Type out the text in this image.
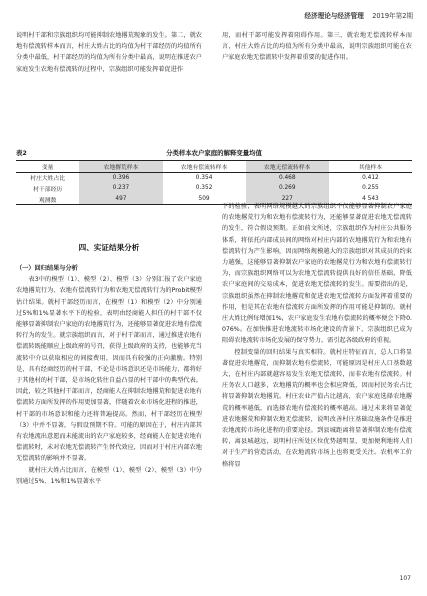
经济理论与经济管理 2019年第2期

说明村干部和宗族组织均可能抑制农地撂荒现象的发生。第二，就农地有偿流转样本而言，村庄大姓占比的均值为村干部经历的均值所有分类中最低，村干部经历的均值为所有分类中最高，说明在推进农户家庭发生农地有偿流转的过程中，宗族组织可能发挥着促进作

用，而村干部可能发挥着阻碍作用。第三，就农地无偿流转样本而言，村庄大姓占比的均值为所有分类中最高，说明宗族组织可能在农户家庭农地无偿流转中发挥着重要的促进作用。

表2	分类样本农户家庭的解释变量均值
变量	农地撂荒样本	农地有偿流转样本	农地无偿流转样本	其他样本
村庄大姓占比	0.396	0.354	0.468	0.412
村干部经历	0.237	0.352	0.269	0.255
观测数	497	509	227	4 543
四、实证结果分析

（一）回归结果与分析

表3中的模型（1）、模型（2）、模型（3）分别汇报了农户家庭农地撂荒行为、农地有偿流转行为和农地无偿流转行为的Probit模型估计结果。就村干部经历而言，在模型（1）和模型（2）中分别通过5%和1%显著水平下的检验，表明由经商能人担任的村干部不仅能够显著抑制农户家庭的农地撂荒行为，还能够显著促进农地有偿流转行为的发生。就宗族组织而言，对于村干部而言，通过推进农地有偿流转既能顺应上级政府的号召，获得上级政府的支持，也能够充当流转中介以获取相应的间接费用，因而具有较强的正向激励。特别是，具有经商经历的村干部，不论是市场意识还是市场能力，都将好于其他村的村干部，是市场化转往自益凸显的村干部中的典型代表。因此，较之其他村干部而言，经商能人在抑制农地撂荒和促进农地有偿流转方面所发挥的作用更加显著，伴随着农业市场化进程的推进，村干部的市场意识和能力还将普遍提高。然而，村干部经历在模型（3）中并不显著，与假设预期不符。可能的原因在于，村庄内部其有农地流出意愿而未能流出的农户家庭较多，经商能人在促进农地有偿流转时，未对农地无偿流转产生替代效应，因而对于村庄内部农地无偿流转的影响并不显著。

就村庄大姓占比而言，在模型（1）、模型（2）、模型（3）中分别通过5%、1%和1%显著水平

下的检验，表明网络规模越大的宗族组织不仅能够显著抑制农户家庭的农地撂荒行为和农地有偿流转行为，还能够显著促进农地无偿流转的发生，符合假设预期。正如前文所述，宗族组织作为村庄公共服务体系，将依托内部成员间的网络对村庄内部的农地撂荒行为和农地有偿流转行为产生影响，因而网络规模越大的宗族组织对其成员的约束力越强，这能够显著抑制农户家庭的农地撂荒行为和农地有偿流转行为，而宗族组织网络可以为农地无偿流转提供良好的信任基础，降低农户家庭间的交易成本，促进农地无偿流转的发生。需要指出的是，宗族组织虽然在抑制农地撂荒和促进农地无偿流转方面发挥着重要的作用，但是其在农地有偿流转方面所发挥的作用可能是抑制的。就村庄大姓比例每增加1%，农户家庭发生农地有偿流转的概率便会下降0.076%。在加快推进农地流转市场化建设的背景下，宗族组织已成为阻碍农地流转市场化发展的保守势力，需引起各级政府的重视。

控制变量的回归结果与真实相符。就村庄特征而言，总人口将显著促进农地撂荒，而抑制农地有偿流转，可能原因是村庄人口基数越大，在村庄内部就越容易发生农地无偿流转，而非农地有偿流转。村庄务农人口越多，农地撂荒的概率也会相应降低，因而村民务农占比将显著抑制农地撂荒。村庄农业产值占比越高，农户家庭选择农地撂荒的概率越低，而选择农地有偿流转的概率越高。通过未来将显著促进农地撂荒和抑制农地无偿流转，说明改善村庄基础设施条件是推进农地流转市场化进程的重要途径。到县城距离将显著抑制农地有偿流转，离县城越远，说明村庄所处区位优势越明显，更加便利地将人们对于生产的营造活动，在农地流转市场上也将更受关注。农机率工价格将显

107
